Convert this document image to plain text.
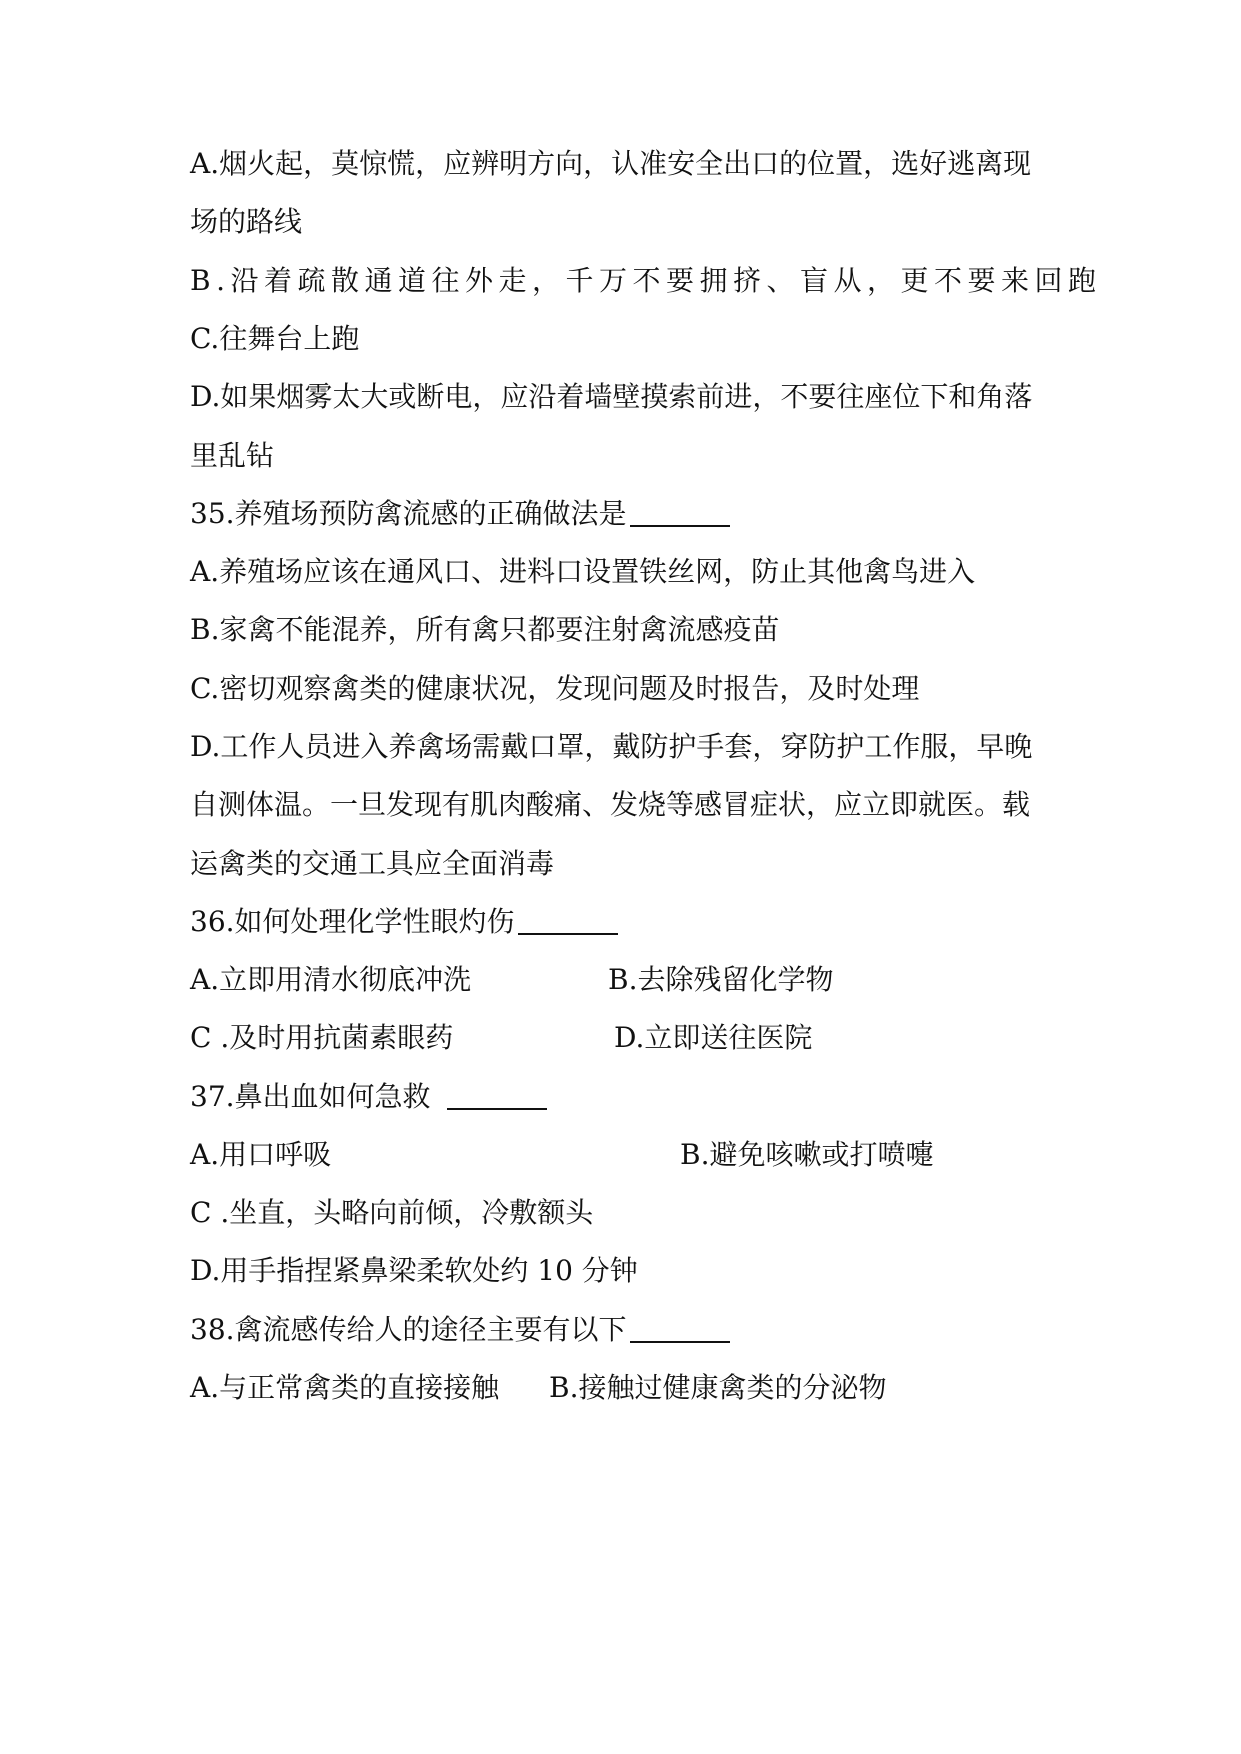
A.烟火起，莫惊慌，应辨明方向，认准安全出口的位置，选好逃离现
场的路线
B.沿着疏散通道往外走，千万不要拥挤、盲从，更不要来回跑
C.往舞台上跑
D.如果烟雾太大或断电，应沿着墙壁摸索前进，不要往座位下和角落
里乱钻
35.养殖场预防禽流感的正确做法是
A.养殖场应该在通风口、进料口设置铁丝网，防止其他禽鸟进入
B.家禽不能混养，所有禽只都要注射禽流感疫苗
C.密切观察禽类的健康状况，发现问题及时报告，及时处理
D.工作人员进入养禽场需戴口罩，戴防护手套，穿防护工作服，早晚
自测体温。一旦发现有肌肉酸痛、发烧等感冒症状，应立即就医。载
运禽类的交通工具应全面消毒
36.如何处理化学性眼灼伤
A.立即用清水彻底冲洗	B.去除残留化学物
C .及时用抗菌素眼药	D.立即送往医院
37.鼻出血如何急救
A.用口呼吸	B.避免咳嗽或打喷嚏
C .坐直，头略向前倾，冷敷额头
D.用手指捏紧鼻梁柔软处约 10 分钟
38.禽流感传给人的途径主要有以下
A.与正常禽类的直接接触 B.接触过健康禽类的分泌物
